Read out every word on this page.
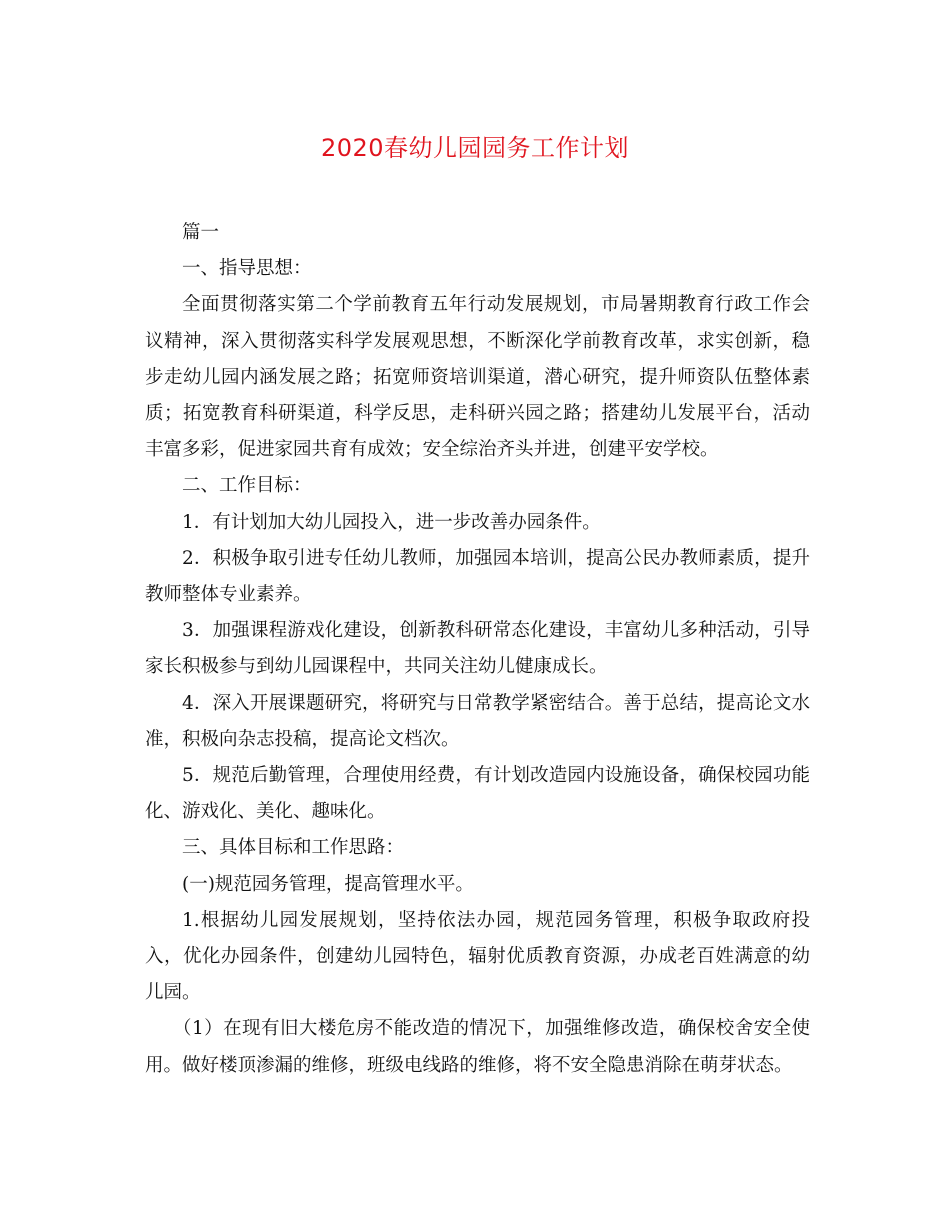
2020春幼儿园园务工作计划

篇一

一、指导思想：

全面贯彻落实第二个学前教育五年行动发展规划，市局暑期教育行政工作会议精神，深入贯彻落实科学发展观思想，不断深化学前教育改革，求实创新，稳步走幼儿园内涵发展之路；拓宽师资培训渠道，潜心研究，提升师资队伍整体素质；拓宽教育科研渠道，科学反思，走科研兴园之路；搭建幼儿发展平台，活动丰富多彩，促进家园共育有成效；安全综治齐头并进，创建平安学校。

二、工作目标：

1．有计划加大幼儿园投入，进一步改善办园条件。

2．积极争取引进专任幼儿教师，加强园本培训，提高公民办教师素质，提升教师整体专业素养。

3．加强课程游戏化建设，创新教科研常态化建设，丰富幼儿多种活动，引导家长积极参与到幼儿园课程中，共同关注幼儿健康成长。

4．深入开展课题研究，将研究与日常教学紧密结合。善于总结，提高论文水准，积极向杂志投稿，提高论文档次。

5．规范后勤管理，合理使用经费，有计划改造园内设施设备，确保校园功能化、游戏化、美化、趣味化。

三、具体目标和工作思路：

(一)规范园务管理，提高管理水平。

1.根据幼儿园发展规划，坚持依法办园，规范园务管理，积极争取政府投入，优化办园条件，创建幼儿园特色，辐射优质教育资源，办成老百姓满意的幼儿园。

（1）在现有旧大楼危房不能改造的情况下，加强维修改造，确保校舍安全使用。做好楼顶渗漏的维修，班级电线路的维修，将不安全隐患消除在萌芽状态。
